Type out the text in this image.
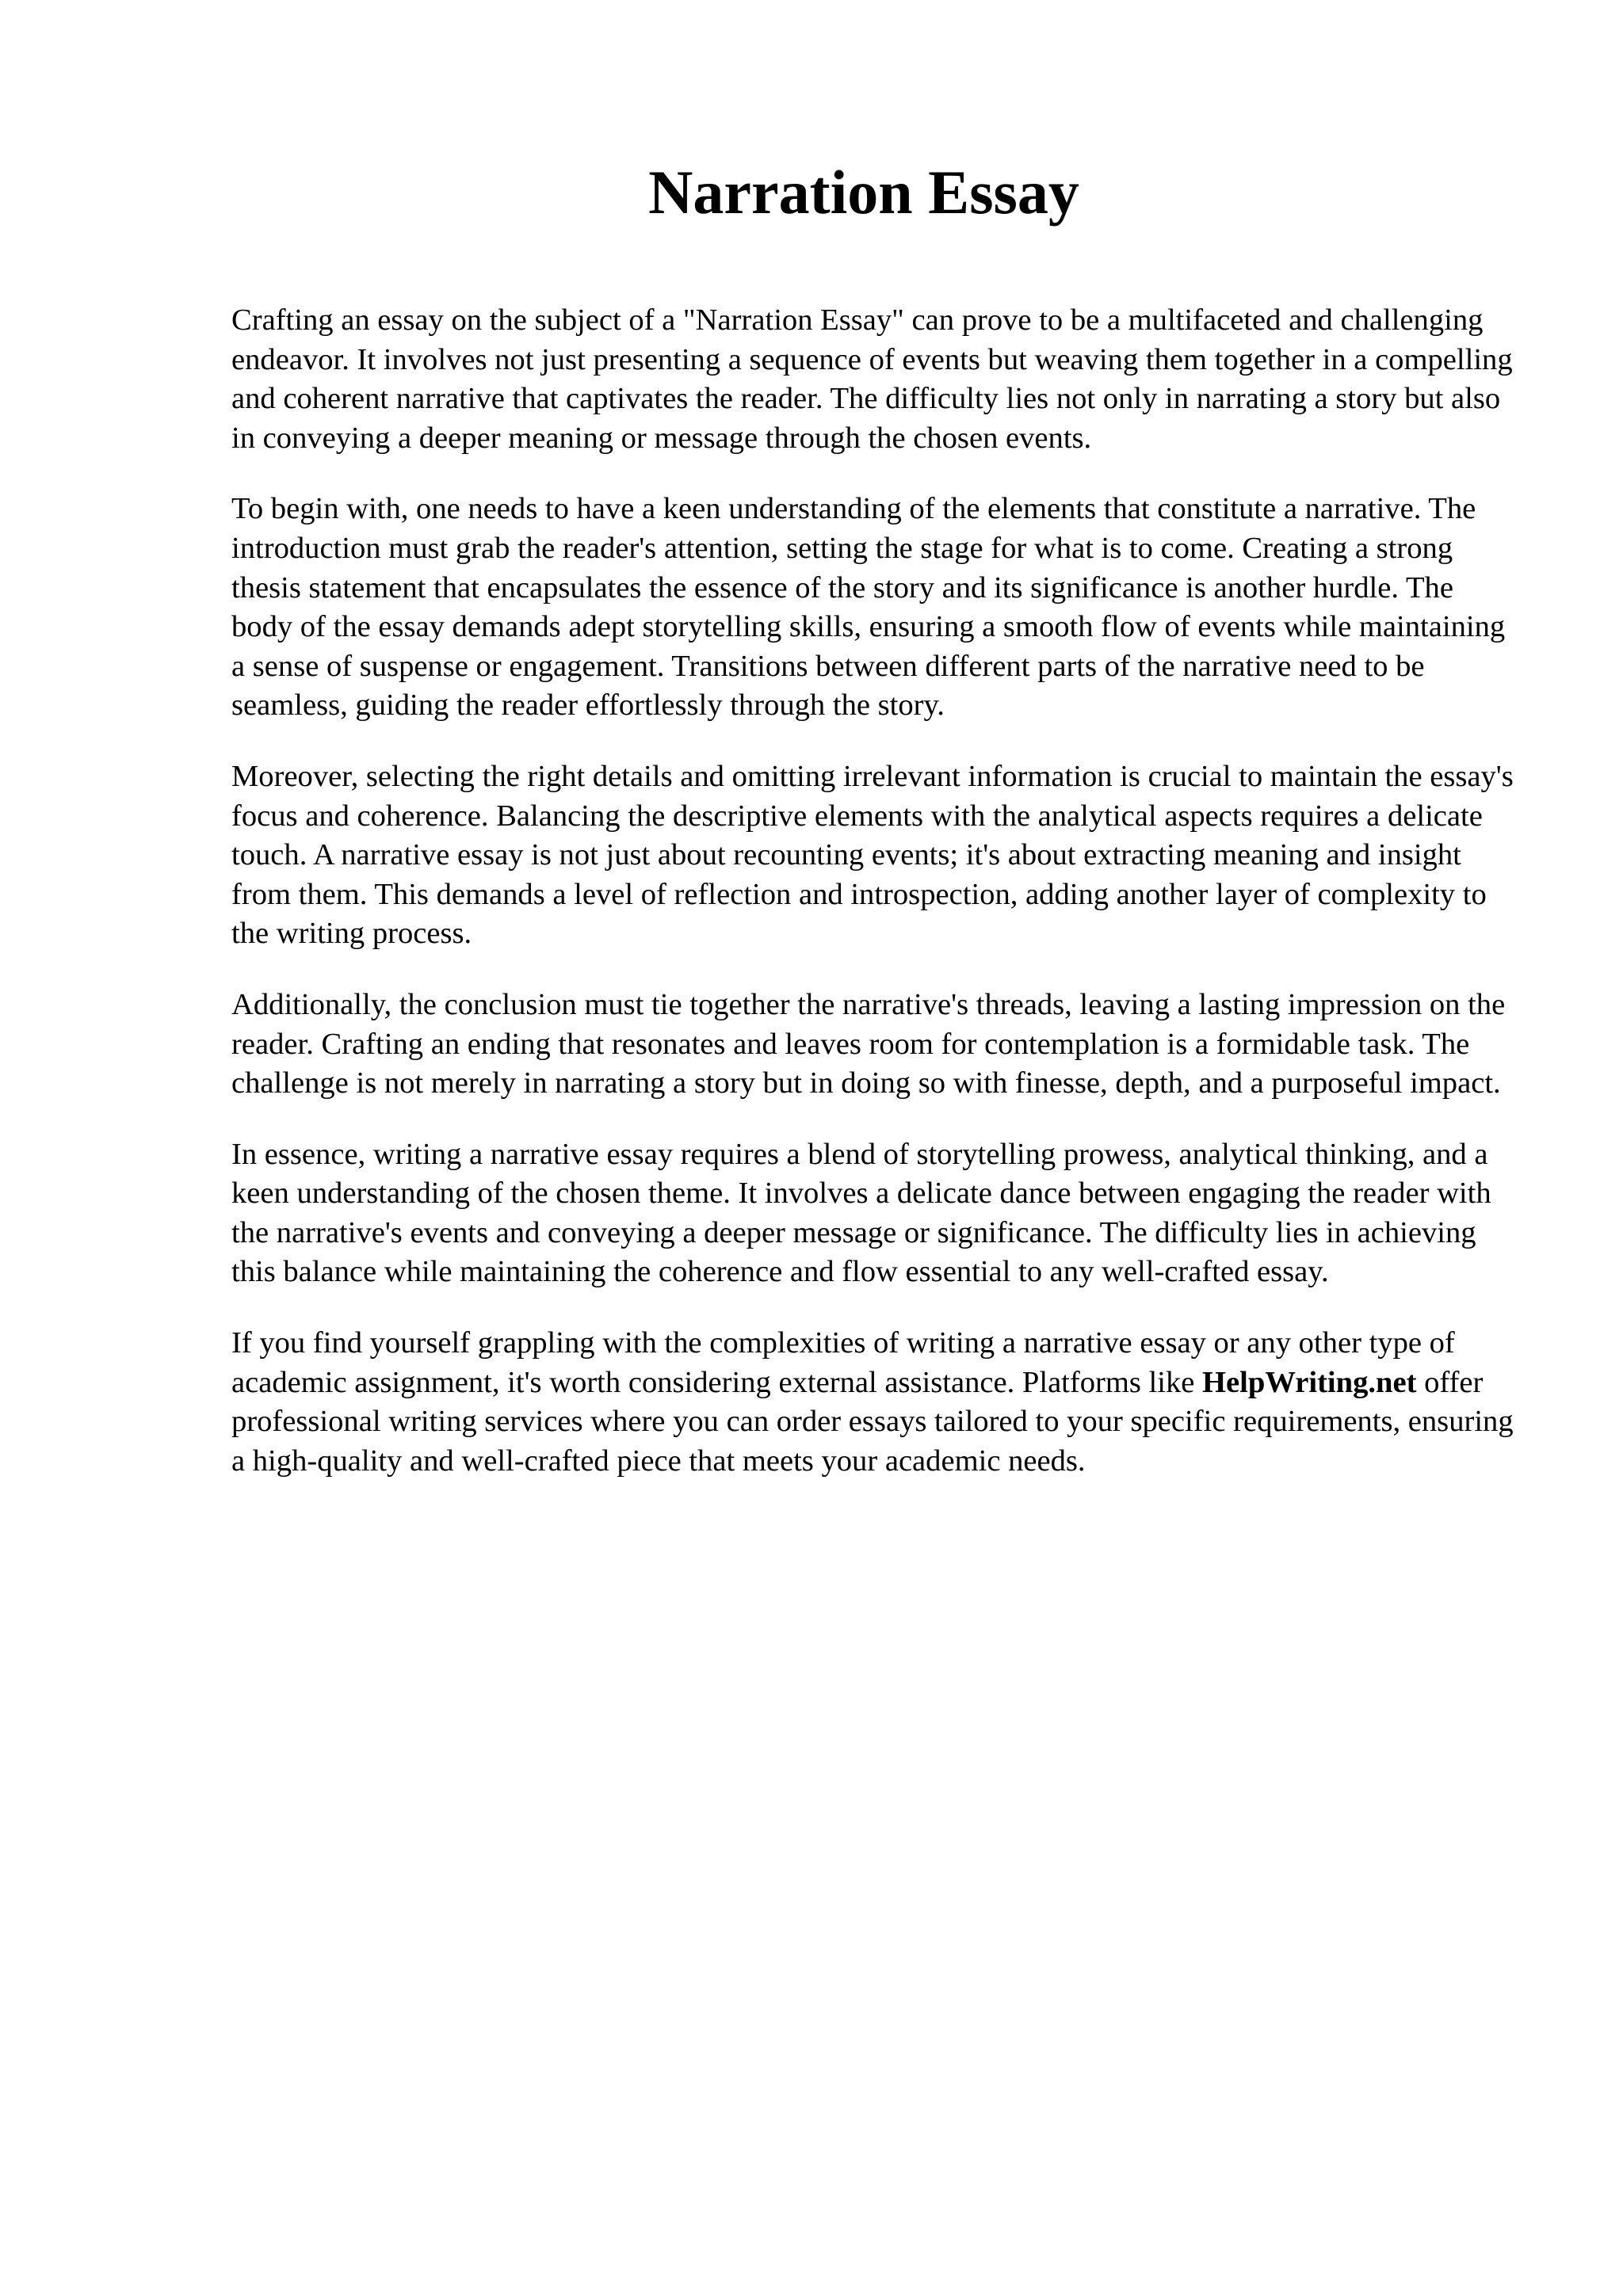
Narration Essay

Crafting an essay on the subject of a "Narration Essay" can prove to be a multifaceted and challenging endeavor. It involves not just presenting a sequence of events but weaving them together in a compelling and coherent narrative that captivates the reader. The difficulty lies not only in narrating a story but also in conveying a deeper meaning or message through the chosen events.

To begin with, one needs to have a keen understanding of the elements that constitute a narrative. The introduction must grab the reader's attention, setting the stage for what is to come. Creating a strong thesis statement that encapsulates the essence of the story and its significance is another hurdle. The body of the essay demands adept storytelling skills, ensuring a smooth flow of events while maintaining a sense of suspense or engagement. Transitions between different parts of the narrative need to be seamless, guiding the reader effortlessly through the story.

Moreover, selecting the right details and omitting irrelevant information is crucial to maintain the essay's focus and coherence. Balancing the descriptive elements with the analytical aspects requires a delicate touch. A narrative essay is not just about recounting events; it's about extracting meaning and insight from them. This demands a level of reflection and introspection, adding another layer of complexity to the writing process.

Additionally, the conclusion must tie together the narrative's threads, leaving a lasting impression on the reader. Crafting an ending that resonates and leaves room for contemplation is a formidable task. The challenge is not merely in narrating a story but in doing so with finesse, depth, and a purposeful impact.

In essence, writing a narrative essay requires a blend of storytelling prowess, analytical thinking, and a keen understanding of the chosen theme. It involves a delicate dance between engaging the reader with the narrative's events and conveying a deeper message or significance. The difficulty lies in achieving this balance while maintaining the coherence and flow essential to any well-crafted essay.

If you find yourself grappling with the complexities of writing a narrative essay or any other type of academic assignment, it's worth considering external assistance. Platforms like HelpWriting.net offer professional writing services where you can order essays tailored to your specific requirements, ensuring a high-quality and well-crafted piece that meets your academic needs.
